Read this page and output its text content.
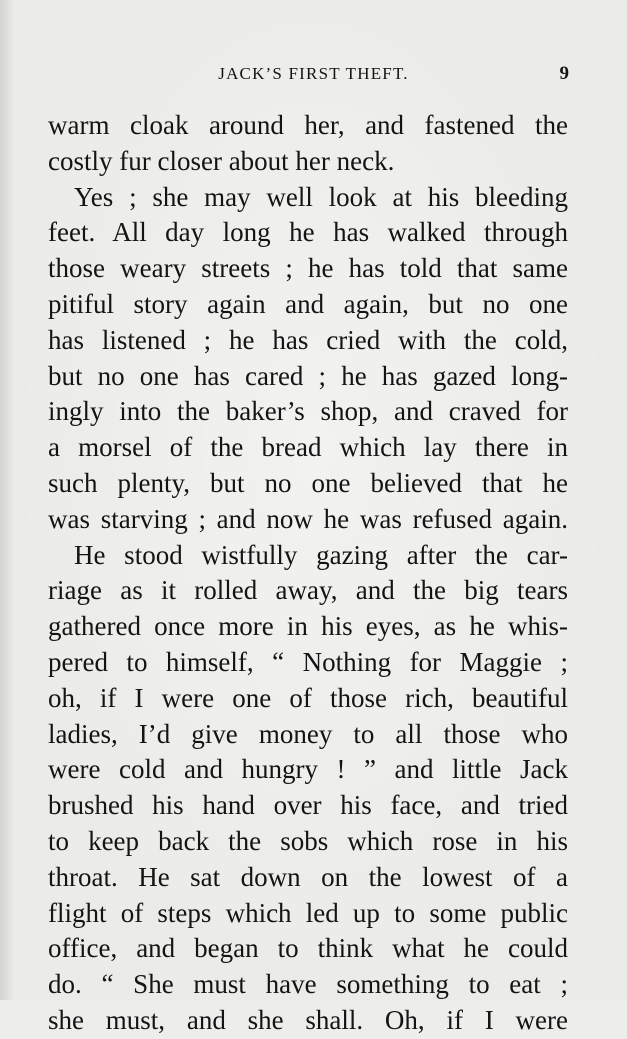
JACK’S FIRST THEFT.	9
warm cloak around her, and fastened the
costly fur closer about her neck.
Yes ; she may well look at his bleeding
feet. All day long he has walked through
those weary streets ; he has told that same
pitiful story again and again, but no one
has listened ; he has cried with the cold,
but no one has cared ; he has gazed long-
ingly into the baker’s shop, and craved for
a morsel of the bread which lay there in
such plenty, but no one believed that he
was starving ; and now he was refused again.
He stood wistfully gazing after the car-
riage as it rolled away, and the big tears
gathered once more in his eyes, as he whis-
pered to himself, “ Nothing for Maggie ;
oh, if I were one of those rich, beautiful
ladies, I’d give money to all those who
were cold and hungry ! ” and little Jack
brushed his hand over his face, and tried
to keep back the sobs which rose in his
throat. He sat down on the lowest of a
flight of steps which led up to some public
office, and began to think what he could
do. “ She must have something to eat ;
she must, and she shall. Oh, if I were
